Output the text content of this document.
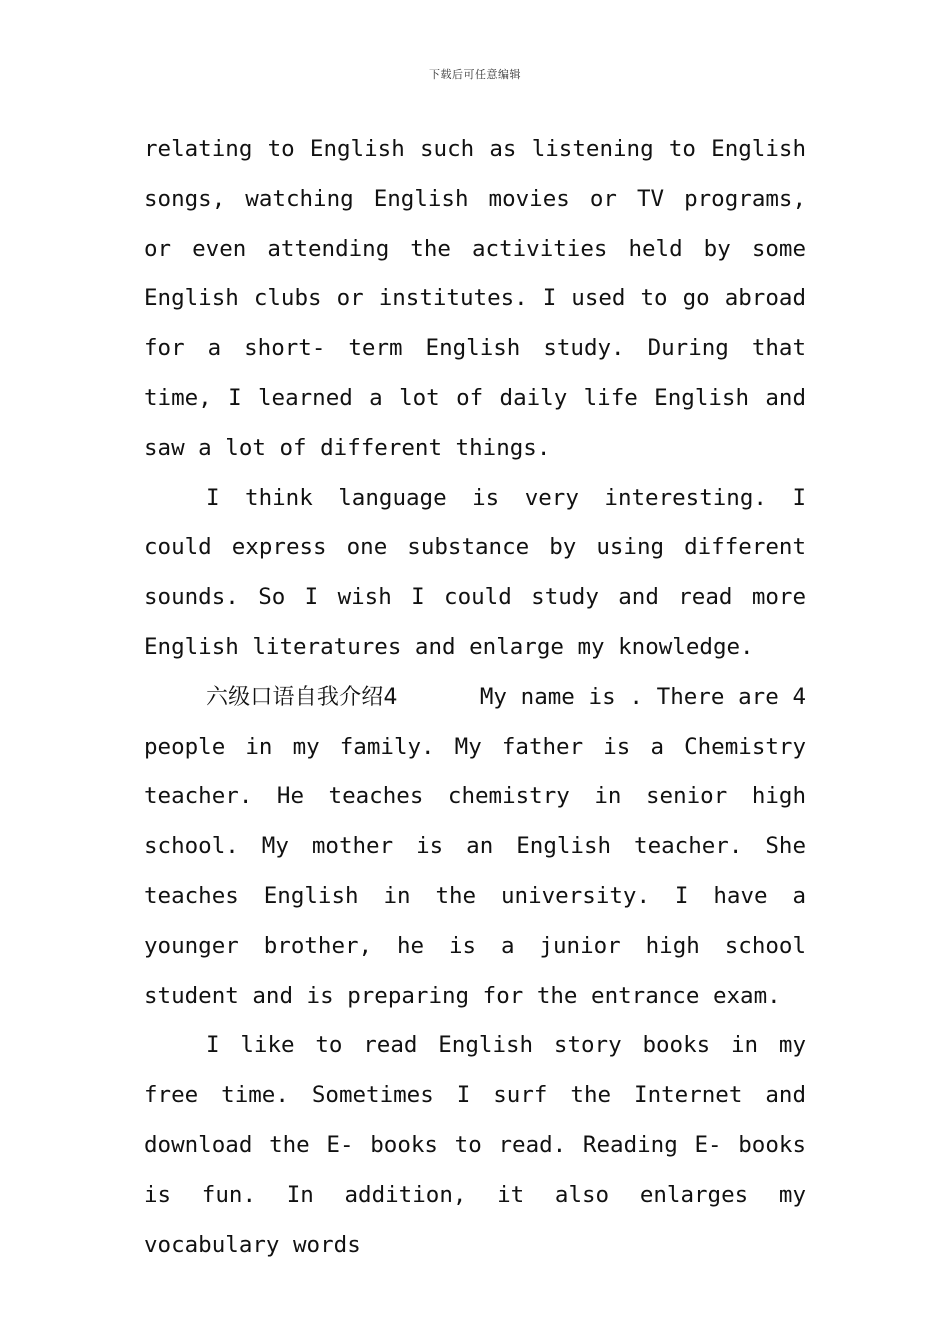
下载后可任意编辑

relating to English such as listening to English songs, watching English movies or TV programs, or even attending the activities held by some English clubs or institutes. I used to go abroad for a short- term English study. During that time, I learned a lot of daily life English and saw a lot of different things.

I think language is very interesting. I could express one substance by using different sounds. So I wish I could study and read more English literatures and enlarge my knowledge.

六级口语自我介绍4	My name is . There are 4 people in my family. My father is a Chemistry teacher. He teaches chemistry in senior high school. My mother is an English teacher. She teaches English in the university. I have a younger brother, he is a junior high school student and is preparing for the entrance exam.

I like to read English story books in my free time. Sometimes I surf the Internet and download the E- books to read. Reading E- books is fun. In addition, it also enlarges my vocabulary words
